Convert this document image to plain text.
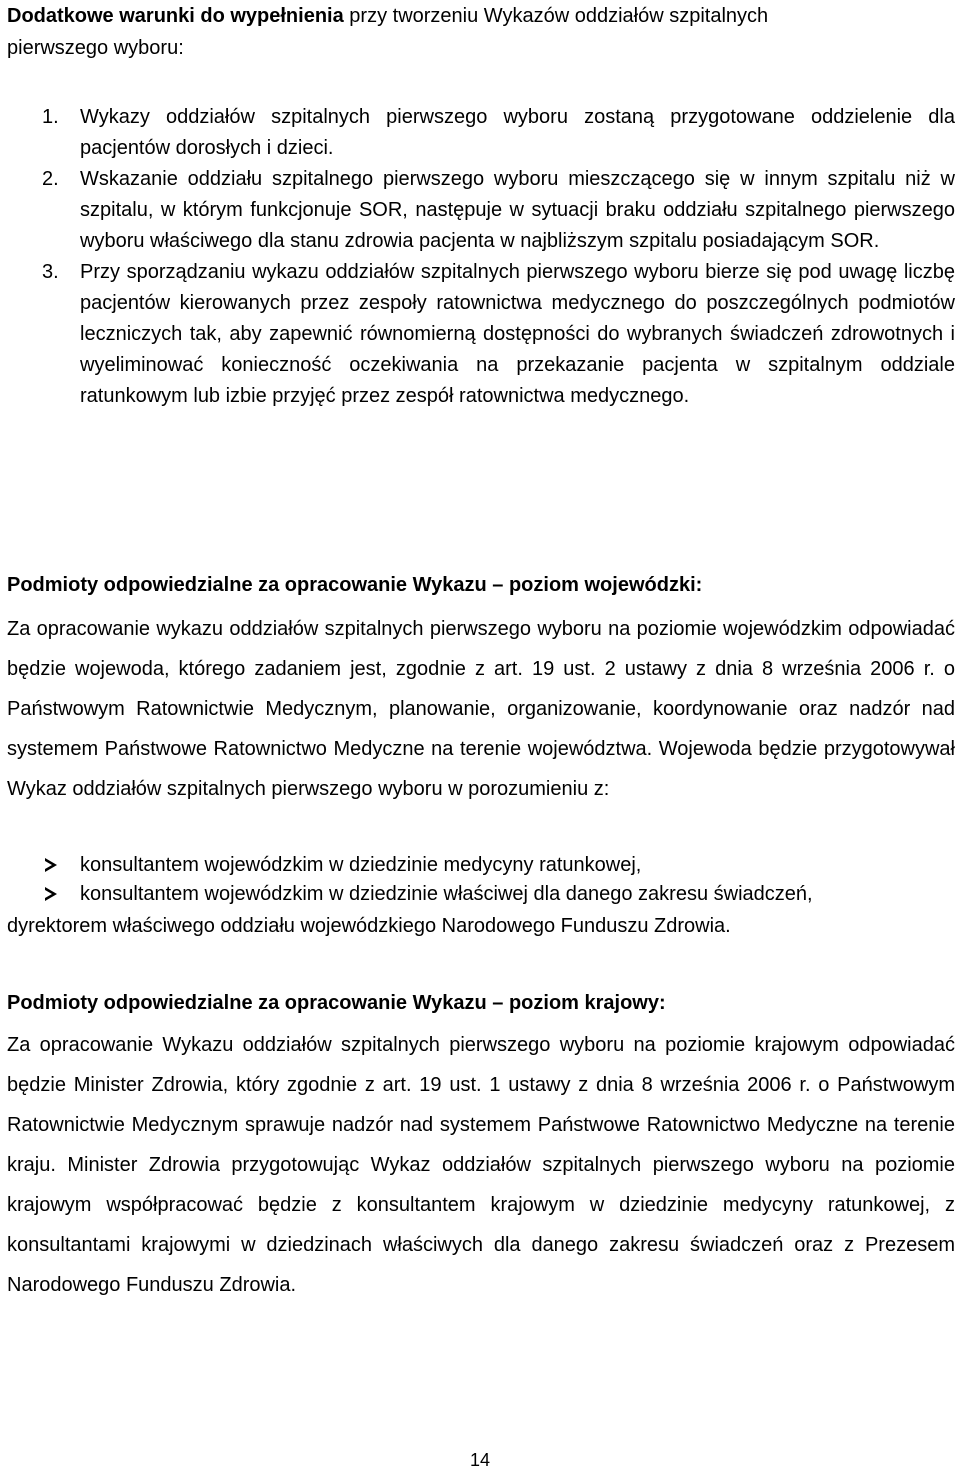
Dodatkowe warunki do wypełnienia przy tworzeniu Wykazów oddziałów szpitalnych
pierwszego wyboru:
1. Wykazy oddziałów szpitalnych pierwszego wyboru zostaną przygotowane oddzielenie dla pacjentów dorosłych i dzieci.
2. Wskazanie oddziału szpitalnego pierwszego wyboru mieszczącego się w innym szpitalu niż w szpitalu, w którym funkcjonuje SOR, następuje w sytuacji braku oddziału szpitalnego pierwszego wyboru właściwego dla stanu zdrowia pacjenta w najbliższym szpitalu posiadającym SOR.
3. Przy sporządzaniu wykazu oddziałów szpitalnych pierwszego wyboru bierze się pod uwagę liczbę pacjentów kierowanych przez zespoły ratownictwa medycznego do poszczególnych podmiotów leczniczych tak, aby zapewnić równomierną dostępności do wybranych świadczeń zdrowotnych i wyeliminować konieczność oczekiwania na przekazanie pacjenta w szpitalnym oddziale ratunkowym lub izbie przyjęć przez zespół ratownictwa medycznego.
Podmioty odpowiedzialne za opracowanie Wykazu – poziom wojewódzki:
Za opracowanie wykazu oddziałów szpitalnych pierwszego wyboru na poziomie wojewódzkim odpowiadać będzie wojewoda, którego zadaniem jest, zgodnie z art. 19 ust. 2 ustawy z dnia 8 września 2006 r. o Państwowym Ratownictwie Medycznym, planowanie, organizowanie, koordynowanie oraz nadzór nad systemem Państwowe Ratownictwo Medyczne na terenie województwa. Wojewoda będzie przygotowywał Wykaz oddziałów szpitalnych pierwszego wyboru w porozumieniu z:
konsultantem wojewódzkim w dziedzinie medycyny ratunkowej,
konsultantem wojewódzkim w dziedzinie właściwej dla danego zakresu świadczeń,
dyrektorem właściwego oddziału wojewódzkiego Narodowego Funduszu Zdrowia.
Podmioty odpowiedzialne za opracowanie Wykazu – poziom krajowy:
Za opracowanie Wykazu oddziałów szpitalnych pierwszego wyboru na poziomie krajowym odpowiadać będzie Minister Zdrowia, który zgodnie z art. 19 ust. 1 ustawy z dnia 8 września 2006 r. o Państwowym Ratownictwie Medycznym sprawuje nadzór nad systemem Państwowe Ratownictwo Medyczne na terenie kraju. Minister Zdrowia przygotowując Wykaz oddziałów szpitalnych pierwszego wyboru na poziomie krajowym współpracować będzie z konsultantem krajowym w dziedzinie medycyny ratunkowej, z konsultantami krajowymi w dziedzinach właściwych dla danego zakresu świadczeń oraz z Prezesem Narodowego Funduszu Zdrowia.
14
